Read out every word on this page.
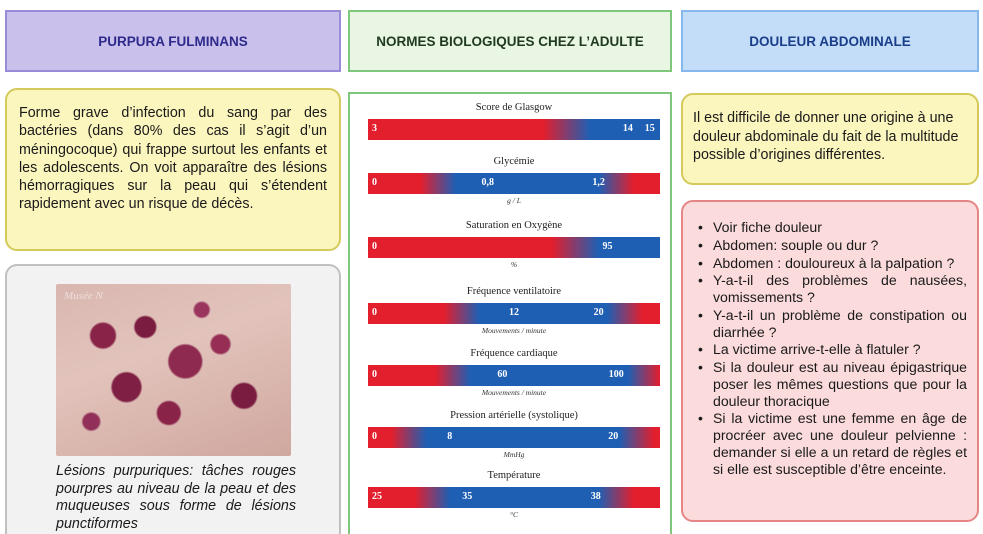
PURPURA FULMINANS	NORMES BIOLOGIQUES CHEZ L’ADULTE	DOULEUR ABDOMINALE
Forme grave d’infection du sang par des bactéries (dans 80% des cas il s’agit d’un méningocoque) qui frappe surtout les enfants et les adolescents. On voit apparaître des lésions hémorragiques sur la peau qui s’étendent rapidement avec un risque de décès.
Musée N
Lésions purpuriques: tâches rouges pourpres au niveau de la peau et des muqueuses sous forme de lésions punctiformes
Score de Glasgow
3	14 15
Glycémie
0	0,8	1,2
g / L
Saturation en Oxygène
0	95
%
Fréquence ventilatoire
0	12	20
Mouvements / minute
Fréquence cardiaque
0	60	100
Mouvements / minute
Pression artérielle (systolique)
0	8	20
MmHg
Température
25	35	38
°C
Il est difficile de donner une origine à une douleur abdominale du fait de la multitude possible d’origines différentes.
• Voir fiche douleur
• Abdomen: souple ou dur ?
• Abdomen : douloureux à la palpation ?
• Y-a-t-il des problèmes de nausées, vomissements ?
• Y-a-t-il un problème de constipation ou diarrhée ?
• La victime arrive-t-elle à flatuler ?
• Si la douleur est au niveau épigastrique poser les mêmes questions que pour la douleur thoracique
• Si la victime est une femme en âge de procréer avec une douleur pelvienne : demander si elle a un retard de règles et si elle est susceptible d’être enceinte.
